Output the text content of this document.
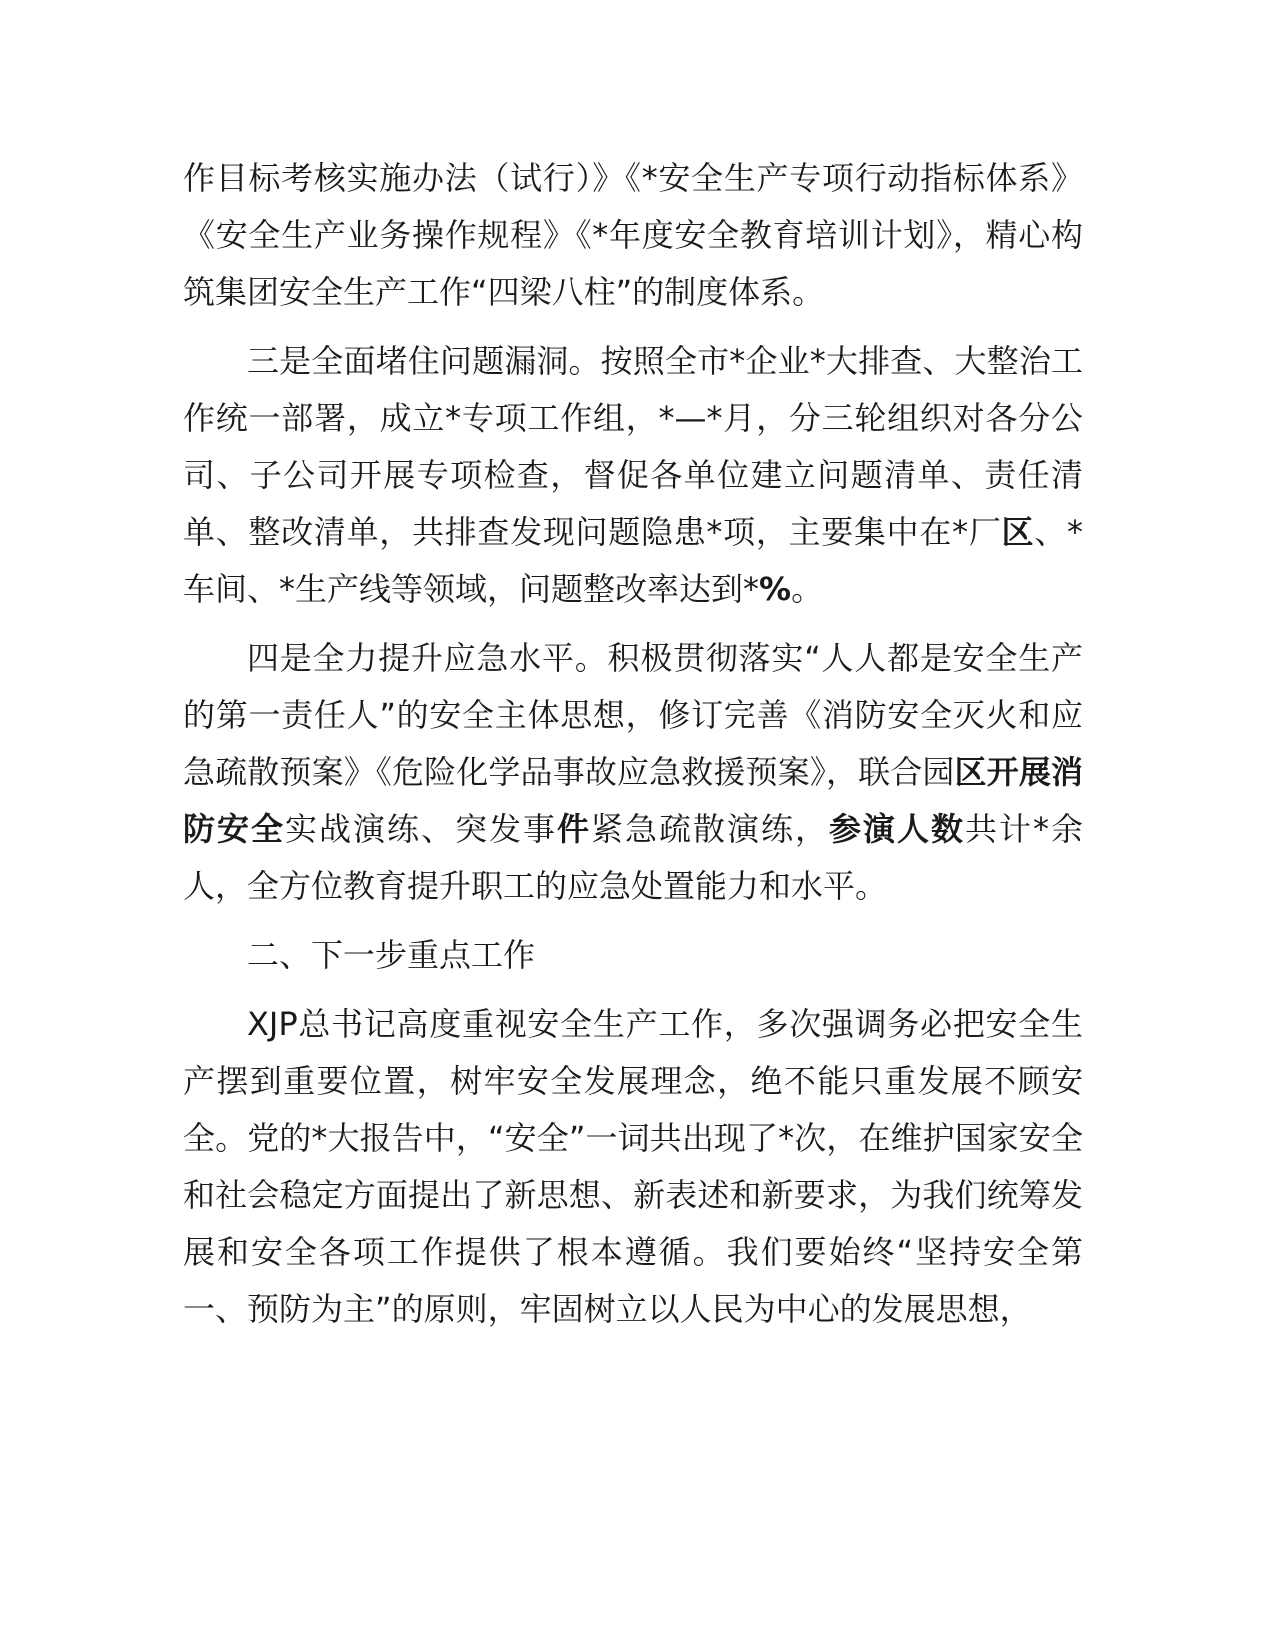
作目标考核实施办法（试行）》《*安全生产专项行动指标体系》《安全生产业务操作规程》《*年度安全教育培训计划》，精心构筑集团安全生产工作“四梁八柱”的制度体系。

三是全面堵住问题漏洞。按照全市*企业*大排查、大整治工作统一部署，成立*专项工作组，*—*月，分三轮组织对各分公司、子公司开展专项检查，督促各单位建立问题清单、责任清单、整改清单，共排查发现问题隐患*项，主要集中在*厂区、*车间、*生产线等领域，问题整改率达到*%。

四是全力提升应急水平。积极贯彻落实“人人都是安全生产的第一责任人”的安全主体思想，修订完善《消防安全灭火和应急疏散预案》《危险化学品事故应急救援预案》，联合园区开展消防安全实战演练、突发事件紧急疏散演练，参演人数共计*余人，全方位教育提升职工的应急处置能力和水平。

二、下一步重点工作

XJP总书记高度重视安全生产工作，多次强调务必把安全生产摆到重要位置，树牢安全发展理念，绝不能只重发展不顾安全。党的*大报告中，“安全”一词共出现了*次，在维护国家安全和社会稳定方面提出了新思想、新表述和新要求，为我们统筹发展和安全各项工作提供了根本遵循。我们要始终“坚持安全第一、预防为主”的原则，牢固树立以人民为中心的发展思想，
